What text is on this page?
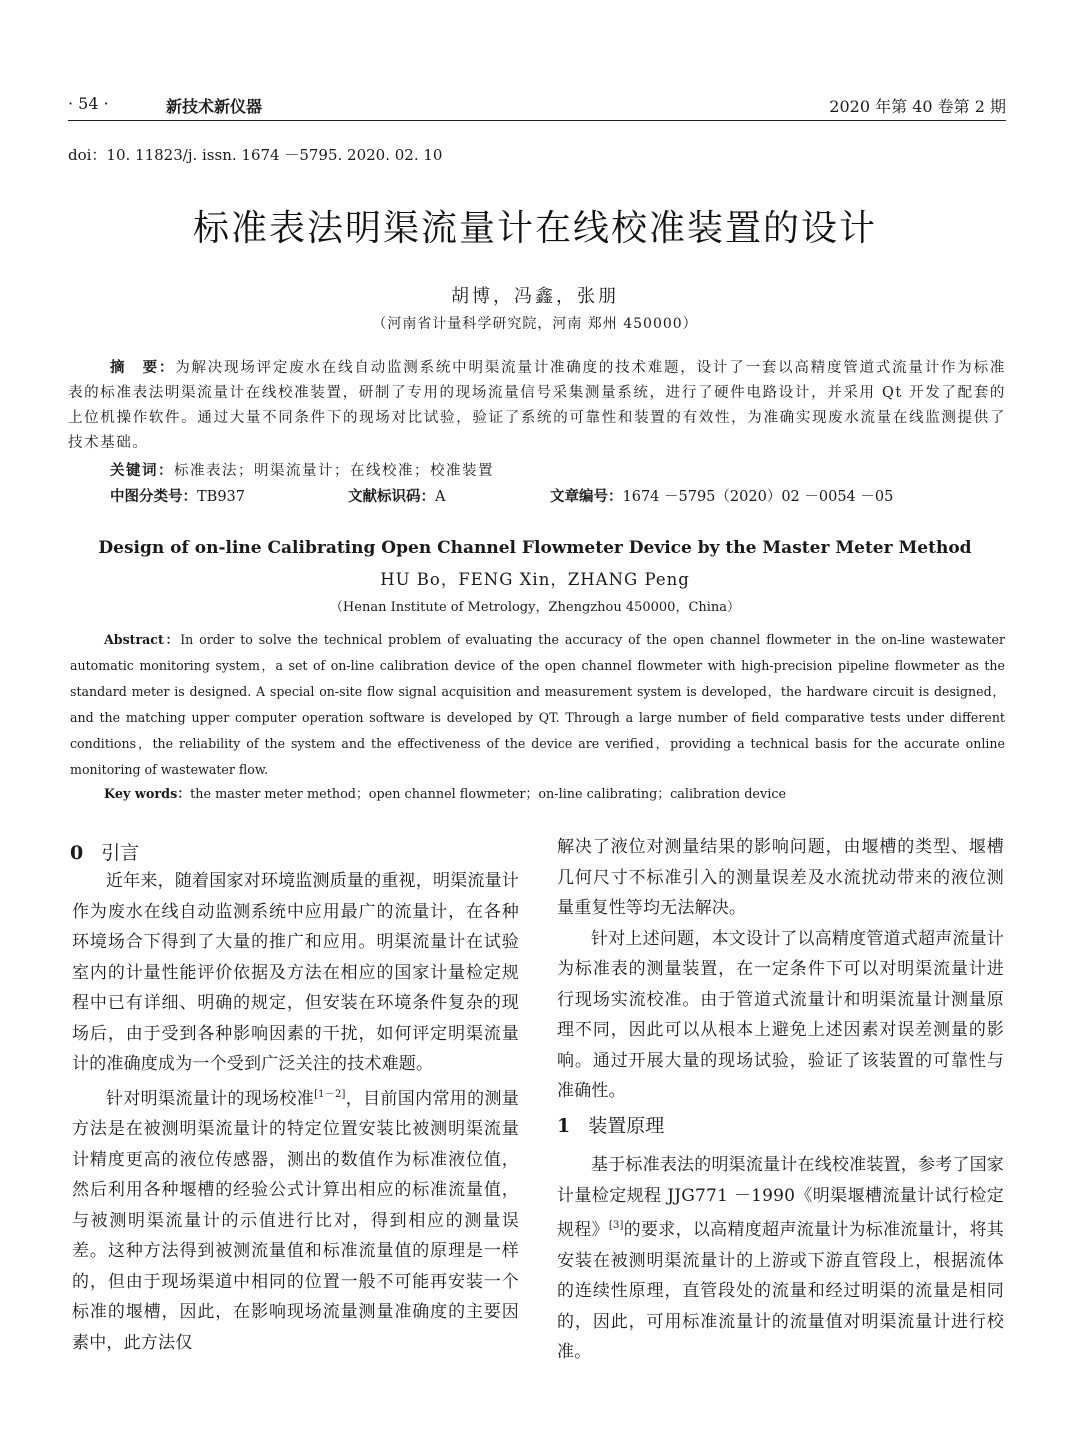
· 54 ·	新技术新仪器	2020 年第 40 卷第 2 期
doi：10. 11823/j. issn. 1674 －5795. 2020. 02. 10
标准表法明渠流量计在线校准装置的设计
胡博，冯鑫，张朋
（河南省计量科学研究院，河南 郑州 450000）
摘　要：为解决现场评定废水在线自动监测系统中明渠流量计准确度的技术难题，设计了一套以高精度管道式流量计作为标准表的标准表法明渠流量计在线校准装置，研制了专用的现场流量信号采集测量系统，进行了硬件电路设计，并采用 Qt 开发了配套的上位机操作软件。通过大量不同条件下的现场对比试验，验证了系统的可靠性和装置的有效性，为准确实现废水流量在线监测提供了技术基础。
关键词：标准表法；明渠流量计；在线校准；校准装置
中图分类号：TB937	文献标识码：A	文章编号：1674 －5795（2020）02 －0054 －05
Design of on-line Calibrating Open Channel Flowmeter Device by the Master Meter Method
HU Bo，FENG Xin，ZHANG Peng
（Henan Institute of Metrology，Zhengzhou 450000，China）
Abstract：In order to solve the technical problem of evaluating the accuracy of the open channel flowmeter in the on-line wastewater automatic monitoring system，a set of on-line calibration device of the open channel flowmeter with high-precision pipeline flowmeter as the standard meter is designed. A special on-site flow signal acquisition and measurement system is developed，the hardware circuit is designed，and the matching upper computer operation software is developed by QT. Through a large number of field comparative tests under different conditions，the reliability of the system and the effectiveness of the device are verified，providing a technical basis for the accurate online monitoring of wastewater flow.
Key words：the master meter method；open channel flowmeter；on-line calibrating；calibration device
0 引言

近年来，随着国家对环境监测质量的重视，明渠流量计作为废水在线自动监测系统中应用最广的流量计，在各种环境场合下得到了大量的推广和应用。明渠流量计在试验室内的计量性能评价依据及方法在相应的国家计量检定规程中已有详细、明确的规定，但安装在环境条件复杂的现场后，由于受到各种影响因素的干扰，如何评定明渠流量计的准确度成为一个受到广泛关注的技术难题。

针对明渠流量计的现场校准[1－2]，目前国内常用的测量方法是在被测明渠流量计的特定位置安装比被测明渠流量计精度更高的液位传感器，测出的数值作为标准液位值，然后利用各种堰槽的经验公式计算出相应的标准流量值，与被测明渠流量计的示值进行比对，得到相应的测量误差。这种方法得到被测流量值和标准流量值的原理是一样的，但由于现场渠道中相同的位置一般不可能再安装一个标准的堰槽，因此，在影响现场流量测量准确度的主要因素中，此方法仅

解决了液位对测量结果的影响问题，由堰槽的类型、堰槽几何尺寸不标准引入的测量误差及水流扰动带来的液位测量重复性等均无法解决。

针对上述问题，本文设计了以高精度管道式超声流量计为标准表的测量装置，在一定条件下可以对明渠流量计进行现场实流校准。由于管道式流量计和明渠流量计测量原理不同，因此可以从根本上避免上述因素对误差测量的影响。通过开展大量的现场试验，验证了该装置的可靠性与准确性。

1 装置原理

基于标准表法的明渠流量计在线校准装置，参考了国家计量检定规程 JJG771 －1990《明渠堰槽流量计试行检定规程》[3]的要求，以高精度超声流量计为标准流量计，将其安装在被测明渠流量计的上游或下游直管段上，根据流体的连续性原理，直管段处的流量和经过明渠的流量是相同的，因此，可用标准流量计的流量值对明渠流量计进行校准。
